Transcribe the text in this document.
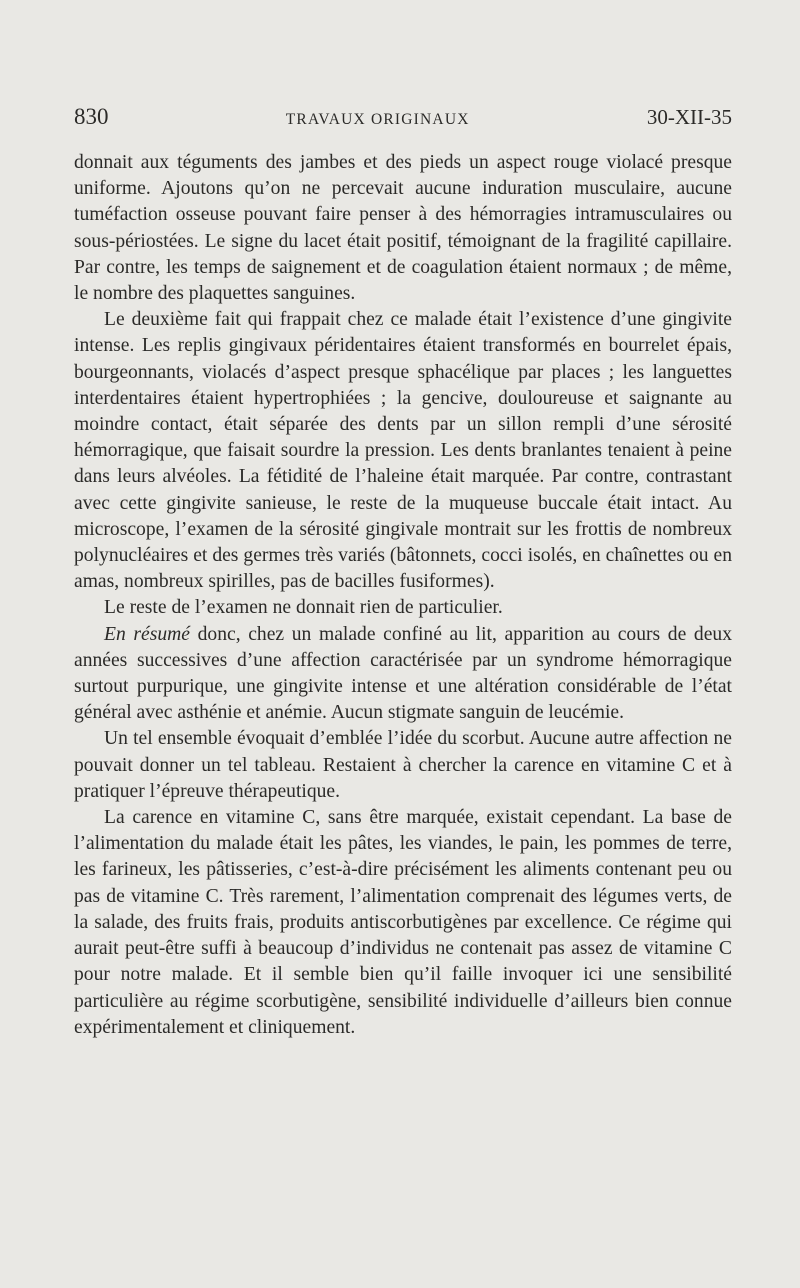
830	TRAVAUX ORIGINAUX	30-XII-35

donnait aux téguments des jambes et des pieds un aspect rouge violacé presque uniforme. Ajoutons qu’on ne percevait aucune induration musculaire, aucune tuméfaction osseuse pouvant faire penser à des hémorragies intramusculaires ou sous-périostées. Le signe du lacet était positif, témoignant de la fragilité capillaire. Par contre, les temps de saignement et de coagulation étaient normaux ; de même, le nombre des plaquettes sanguines.

Le deuxième fait qui frappait chez ce malade était l’existence d’une gingivite intense. Les replis gingivaux péridentaires étaient transformés en bourrelet épais, bourgeonnants, violacés d’aspect presque sphacélique par places ; les languettes interdentaires étaient hypertrophiées ; la gencive, douloureuse et saignante au moindre contact, était séparée des dents par un sillon rempli d’une sérosité hémorragique, que faisait sourdre la pression. Les dents branlantes tenaient à peine dans leurs alvéoles. La fétidité de l’haleine était marquée. Par contre, contrastant avec cette gingivite sanieuse, le reste de la muqueuse buccale était intact. Au microscope, l’examen de la sérosité gingivale montrait sur les frottis de nombreux polynucléaires et des germes très variés (bâtonnets, cocci isolés, en chaînettes ou en amas, nombreux spirilles, pas de bacilles fusiformes).

Le reste de l’examen ne donnait rien de particulier.

En résumé donc, chez un malade confiné au lit, apparition au cours de deux années successives d’une affection caractérisée par un syndrome hémorragique surtout purpurique, une gingivite intense et une altération considérable de l’état général avec asthénie et anémie. Aucun stigmate sanguin de leucémie.

Un tel ensemble évoquait d’emblée l’idée du scorbut. Aucune autre affection ne pouvait donner un tel tableau. Restaient à chercher la carence en vitamine C et à pratiquer l’épreuve thérapeutique.

La carence en vitamine C, sans être marquée, existait cependant. La base de l’alimentation du malade était les pâtes, les viandes, le pain, les pommes de terre, les farineux, les pâtisseries, c’est-à-dire précisément les aliments contenant peu ou pas de vitamine C. Très rarement, l’alimentation comprenait des légumes verts, de la salade, des fruits frais, produits antiscorbutigènes par excellence. Ce régime qui aurait peut-être suffi à beaucoup d’individus ne contenait pas assez de vitamine C pour notre malade. Et il semble bien qu’il faille invoquer ici une sensibilité particulière au régime scorbutigène, sensibilité individuelle d’ailleurs bien connue expérimentalement et cliniquement.
